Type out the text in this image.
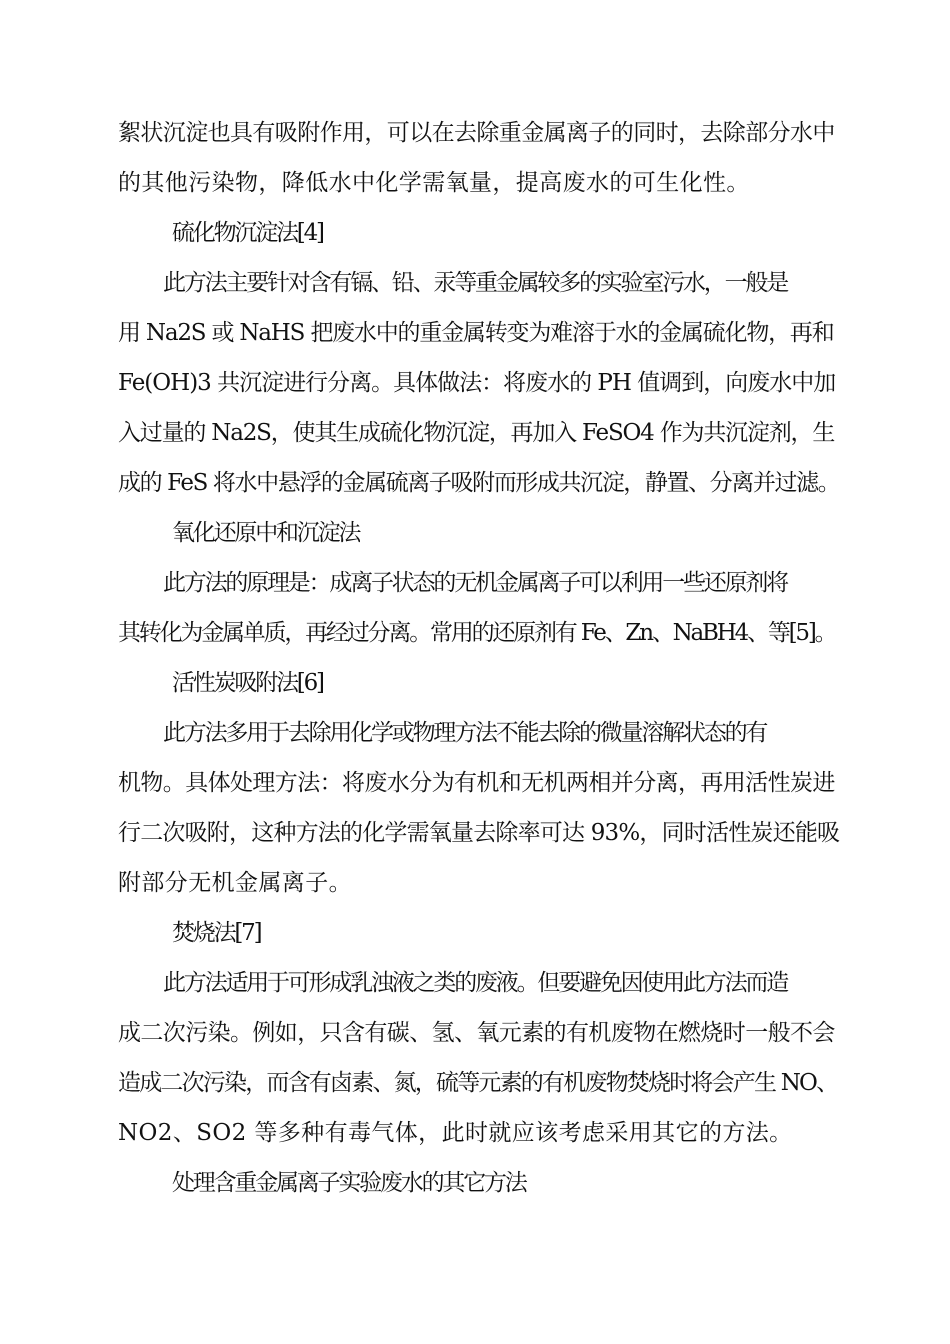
絮状沉淀也具有吸附作用，可以在去除重金属离子的同时，去除部分水中
的其他污染物，降低水中化学需氧量，提高废水的可生化性。
硫化物沉淀法[4]
此方法主要针对含有镉、铅、汞等重金属较多的实验室污水，一般是
用 Na2S 或 NaHS 把废水中的重金属转变为难溶于水的金属硫化物，再和
Fe(OH)3 共沉淀进行分离。具体做法：将废水的 PH 值调到，向废水中加
入过量的 Na2S，使其生成硫化物沉淀，再加入 FeSO4 作为共沉淀剂，生
成的 FeS 将水中悬浮的金属硫离子吸附而形成共沉淀，静置、分离并过滤。
氧化还原中和沉淀法
此方法的原理是：成离子状态的无机金属离子可以利用一些还原剂将
其转化为金属单质，再经过分离。常用的还原剂有 Fe、Zn、NaBH4、等[5]。
活性炭吸附法[6]
此方法多用于去除用化学或物理方法不能去除的微量溶解状态的有
机物。具体处理方法：将废水分为有机和无机两相并分离，再用活性炭进
行二次吸附，这种方法的化学需氧量去除率可达 93%，同时活性炭还能吸
附部分无机金属离子。
焚烧法[7]
此方法适用于可形成乳浊液之类的废液。但要避免因使用此方法而造
成二次污染。例如，只含有碳、氢、氧元素的有机废物在燃烧时一般不会
造成二次污染，而含有卤素、氮，硫等元素的有机废物焚烧时将会产生 NO、
NO2、SO2 等多种有毒气体，此时就应该考虑采用其它的方法。
处理含重金属离子实验废水的其它方法
